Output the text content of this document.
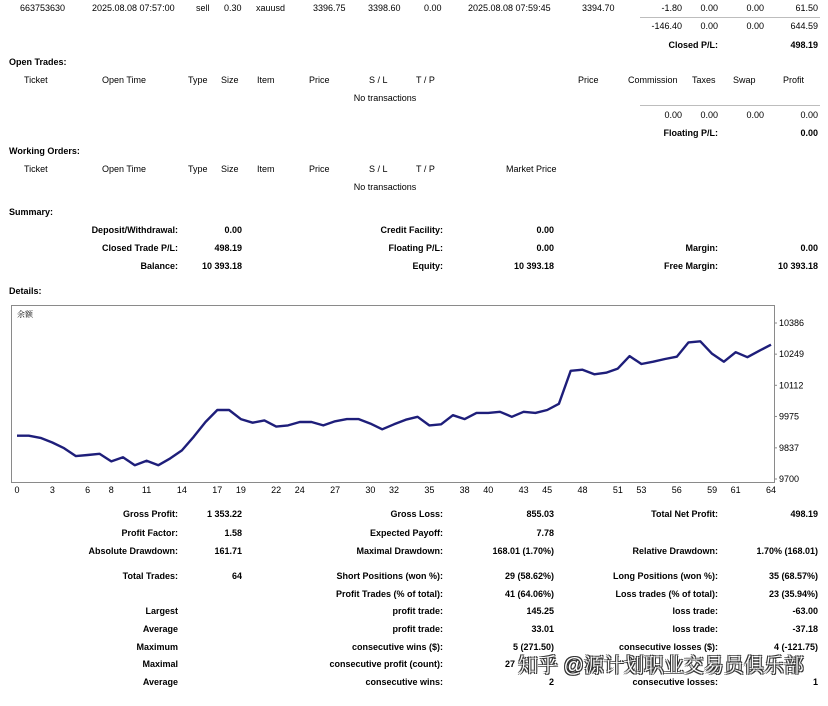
663753630	2025.08.08 07:57:00 sell 0.30 xauusd	3396.75 3398.60	0.00	2025.08.08 07:59:45	3394.70	-1.80	0.00	0.00	61.50
-146.40	0.00	0.00	644.59
Closed P/L:	498.19
Open Trades:
Ticket	Open Time	Type Size Item	Price	S / L	T / P	Price	Commission Taxes Swap	Profit
No transactions
0.00	0.00	0.00	0.00
Floating P/L:	0.00
Working Orders:
Ticket	Open Time	Type Size Item	Price	S / L	T / P	Market Price
No transactions
Summary:
Deposit/Withdrawal:	0.00	Credit Facility:	0.00
Closed Trade P/L:	498.19	Floating P/L:	0.00	Margin:	0.00
Balance:	10 393.18	Equity:	10 393.18	Free Margin:	10 393.18
Details:
余额
10386
10249
10112
9975
9837
9700
0	3	6 8	11	14	17 19	22 24	27	30 32	35	38 40	43 45	48	51 53	56	59 61	64
Gross Profit:	1 353.22	Gross Loss:	855.03	Total Net Profit:	498.19
Profit Factor:	1.58	Expected Payoff:	7.78
Absolute Drawdown:	161.71	Maximal Drawdown:	168.01 (1.70%)	Relative Drawdown:	1.70% (168.01)
Total Trades:	64	Short Positions (won %):	29 (58.62%)	Long Positions (won %):	35 (68.57%)
Profit Trades (% of total):	41 (64.06%)	Loss trades (% of total):	23 (35.94%)
Largest	profit trade:	145.25	loss trade:	-63.00
Average	profit trade:	33.01	loss trade:	-37.18
Maximum	consecutive wins ($):	5 (271.50)	consecutive losses ($):	4 (-121.75)
Maximal	consecutive profit (count):	27
Average	consecutive wins:	2	consecutive losses:	1
知乎 @源计划职业交易员俱乐部
